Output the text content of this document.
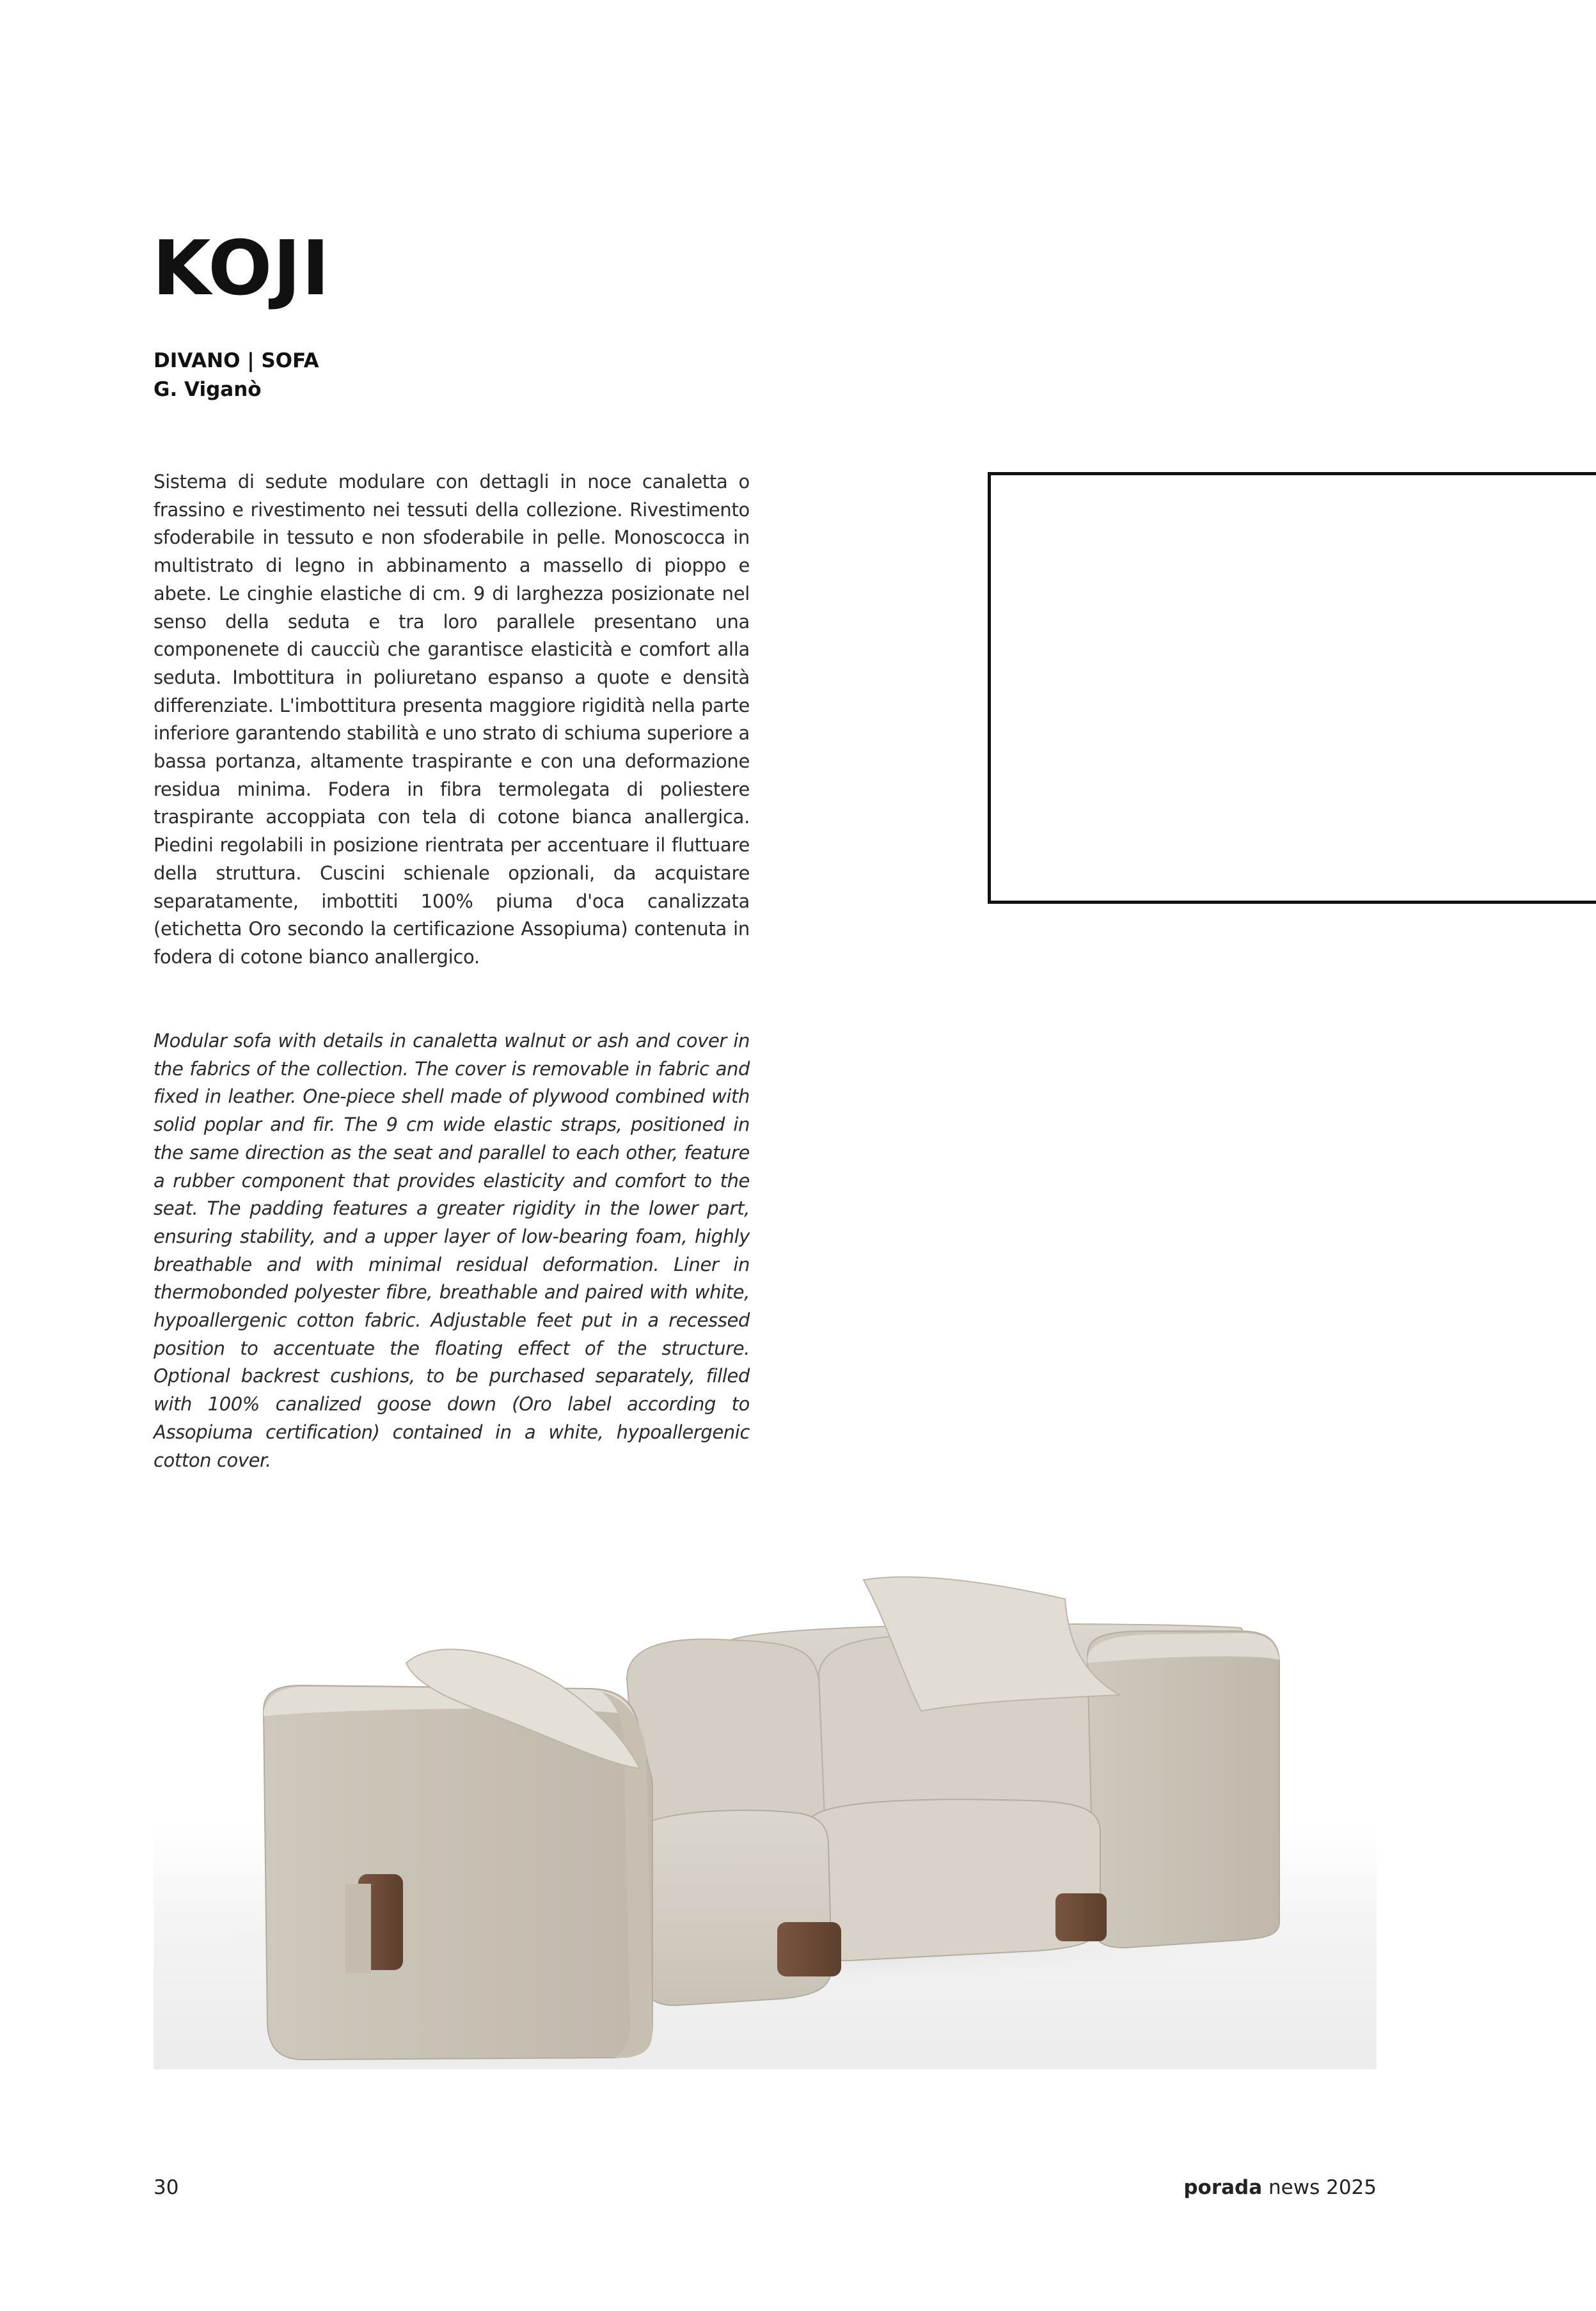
KOJI
DIVANO | SOFA
G. Viganò

Sistema di sedute modulare con dettagli in noce canaletta o frassino e rivestimento nei tessuti della collezione. Rivestimento sfoderabile in tessuto e non sfoderabile in pelle. Monoscocca in multistrato di legno in abbinamento a massello di pioppo e abete. Le cinghie elastiche di cm. 9 di larghezza posizionate nel senso della seduta e tra loro parallele presentano una componenete di caucciù che garantisce elasticità e comfort alla seduta. Imbottitura in poliuretano espanso a quote e densità differenziate. L'imbottitura presenta maggiore rigidità nella parte inferiore garantendo stabilità e uno strato di schiuma superiore a bassa portanza, altamente traspirante e con una deformazione residua minima. Fodera in fibra termolegata di poliestere traspirante accoppiata con tela di cotone bianca anallergica. Piedini regolabili in posizione rientrata per accentuare il fluttuare della struttura. Cuscini schienale opzionali, da acquistare separatamente, imbottiti 100% piuma d'oca canalizzata (etichetta Oro secondo la certificazione Assopiuma) contenuta in fodera di cotone bianco anallergico.

Modular sofa with details in canaletta walnut or ash and cover in the fabrics of the collection. The cover is removable in fabric and fixed in leather. One-piece shell made of plywood combined with solid poplar and fir. The 9 cm wide elastic straps, positioned in the same direction as the seat and parallel to each other, feature a rubber component that provides elasticity and comfort to the seat. The padding features a greater rigidity in the lower part, ensuring stability, and a upper layer of low-bearing foam, highly breathable and with minimal residual deformation. Liner in thermobonded polyester fibre, breathable and paired with white, hypoallergenic cotton fabric. Adjustable feet put in a recessed position to accentuate the floating effect of the structure. Optional backrest cushions, to be purchased separately, filled with 100% canalized goose down (Oro label according to Assopiuma certification) contained in a white, hypoallergenic cotton cover.

30	porada news 2025
